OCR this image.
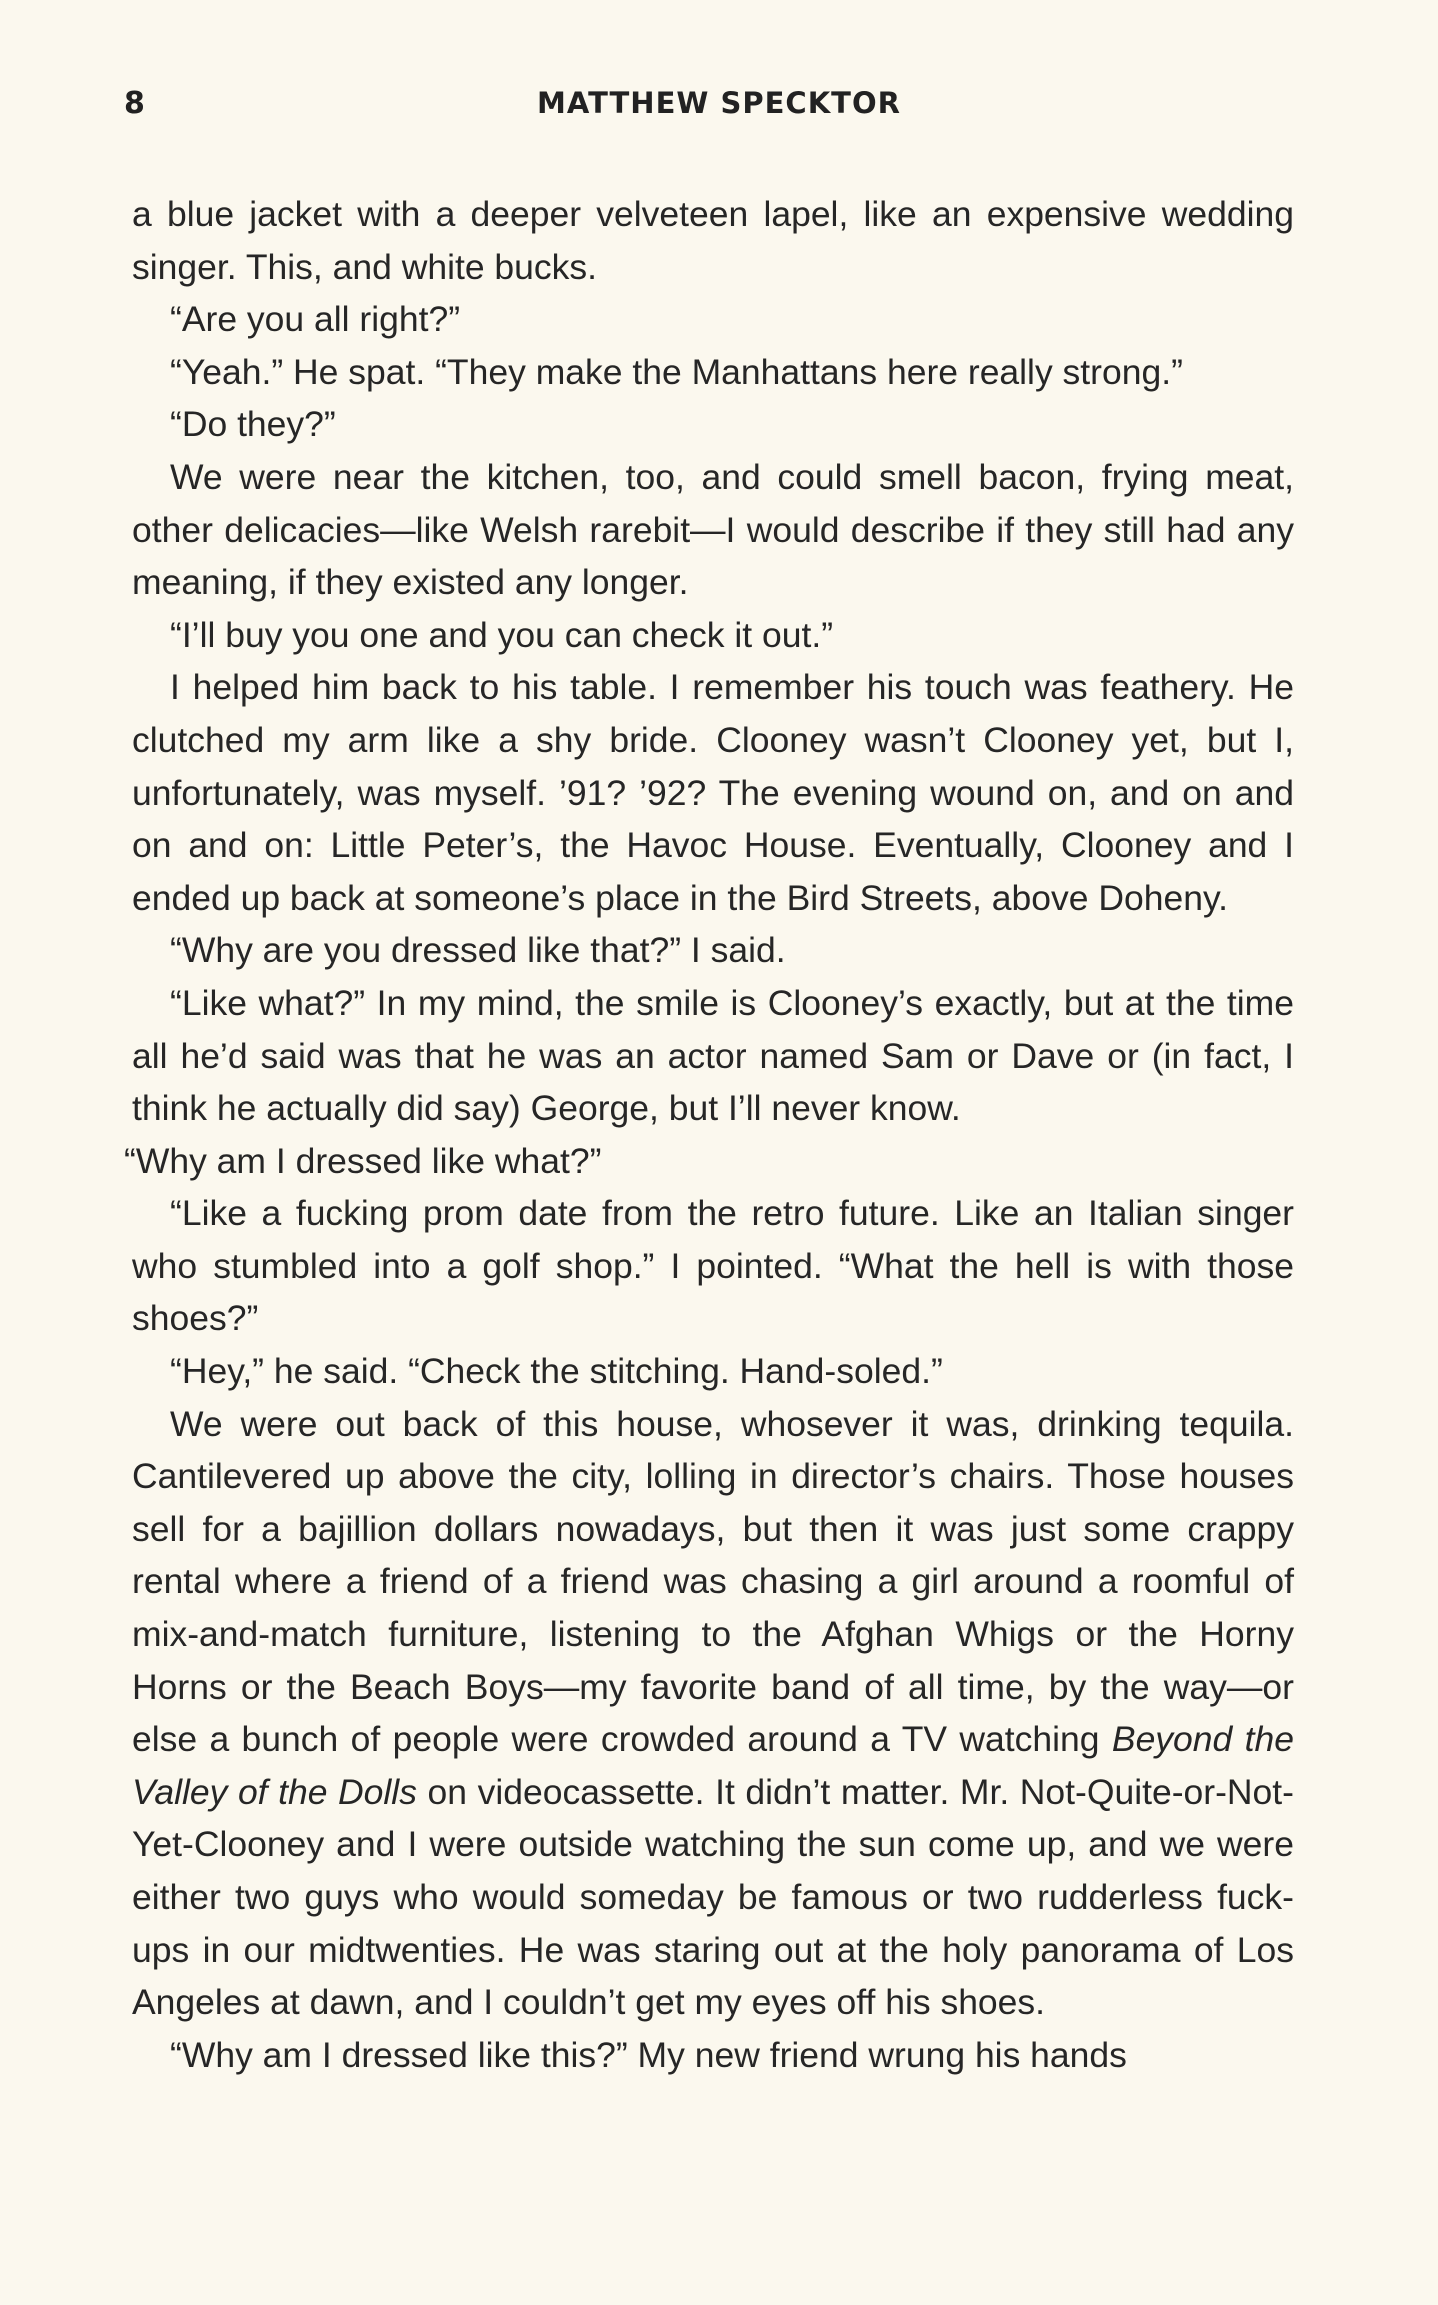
8	MATTHEW SPECKTOR

a blue jacket with a deeper velveteen lapel, like an expensive wedding singer. This, and white bucks.

“Are you all right?”

“Yeah.” He spat. “They make the Manhattans here really strong.”

“Do they?”

We were near the kitchen, too, and could smell bacon, frying meat, other delicacies—like Welsh rarebit—I would describe if they still had any meaning, if they existed any longer.

“I’ll buy you one and you can check it out.”

I helped him back to his table. I remember his touch was feathery. He clutched my arm like a shy bride. Clooney wasn’t Clooney yet, but I, unfortunately, was myself. ’91? ’92? The evening wound on, and on and on and on: Little Peter’s, the Havoc House. Eventually, Clooney and I ended up back at someone’s place in the Bird Streets, above Doheny.

“Why are you dressed like that?” I said.

“Like what?” In my mind, the smile is Clooney’s exactly, but at the time all he’d said was that he was an actor named Sam or Dave or (in fact, I think he actually did say) George, but I’ll never know.

“Why am I dressed like what?”

“Like a fucking prom date from the retro future. Like an Italian singer who stumbled into a golf shop.” I pointed. “What the hell is with those shoes?”

“Hey,” he said. “Check the stitching. Hand-soled.”

We were out back of this house, whosever it was, drinking tequila. Cantilevered up above the city, lolling in director’s chairs. Those houses sell for a bajillion dollars nowadays, but then it was just some crappy rental where a friend of a friend was chasing a girl around a roomful of mix-and-match furniture, listening to the Afghan Whigs or the Horny Horns or the Beach Boys—my favorite band of all time, by the way—or else a bunch of people were crowded around a TV watching Beyond the Valley of the Dolls on videocassette. It didn’t matter. Mr. Not-Quite-or-Not-Yet-Clooney and I were outside watching the sun come up, and we were either two guys who would someday be famous or two rudderless fuck-ups in our midtwenties. He was staring out at the holy panorama of Los Angeles at dawn, and I couldn’t get my eyes off his shoes.

“Why am I dressed like this?” My new friend wrung his hands
